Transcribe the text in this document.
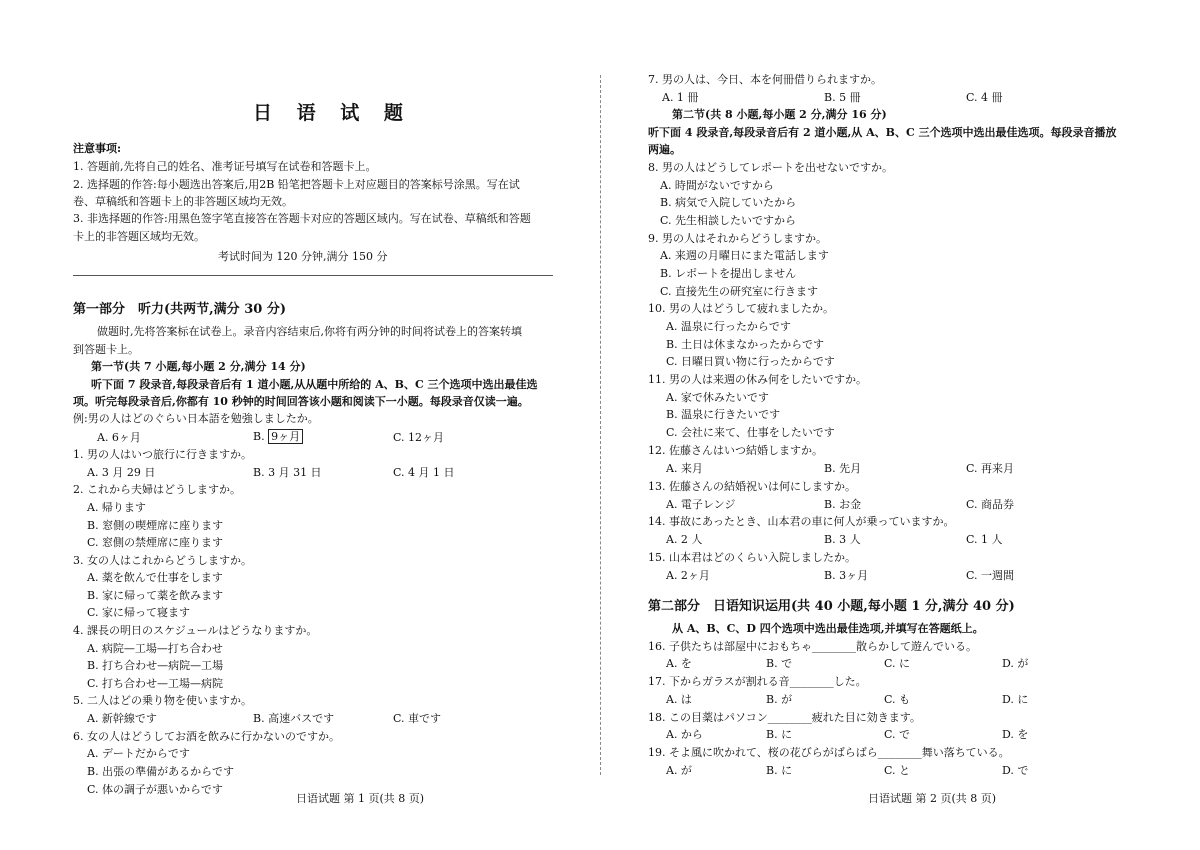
日 语 试 题
注意事项:
1. 答题前,先将自己的姓名、准考证号填写在试卷和答题卡上。
2. 选择题的作答:每小题选出答案后,用2B 铅笔把答题卡上对应题目的答案标号涂黑。写在试
卷、草稿纸和答题卡上的非答题区域均无效。
3. 非选择题的作答:用黑色签字笔直接答在答题卡对应的答题区域内。写在试卷、草稿纸和答题
卡上的非答题区域均无效。
考试时间为 120 分钟,满分 150 分
第一部分　听力(共两节,满分 30 分)
做题时,先将答案标在试卷上。录音内容结束后,你将有两分钟的时间将试卷上的答案转填
到答题卡上。
第一节(共 7 小题,每小题 2 分,满分 14 分)
听下面 7 段录音,每段录音后有 1 道小题,从从题中所给的 A、B、C 三个选项中选出最佳选
项。听完每段录音后,你都有 10 秒钟的时间回答该小题和阅读下一小题。每段录音仅读一遍。
例:男の人はどのぐらい日本語を勉強しましたか。
A. 6ヶ月	B. 9ヶ月	C. 12ヶ月
1. 男の人はいつ旅行に行きますか。
A. 3 月 29 日	B. 3 月 31 日	C. 4 月 1 日
2. これから夫婦はどうしますか。
A. 帰ります
B. 窓側の喫煙席に座ります
C. 窓側の禁煙席に座ります
3. 女の人はこれからどうしますか。
A. 薬を飲んで仕事をします
B. 家に帰って薬を飲みます
C. 家に帰って寝ます
4. 課長の明日のスケジュールはどうなりますか。
A. 病院—工場—打ち合わせ
B. 打ち合わせ—病院—工場
C. 打ち合わせ—工場—病院
5. 二人はどの乗り物を使いますか。
A. 新幹線です	B. 高速バスです	C. 車です
6. 女の人はどうしてお酒を飲みに行かないのですか。
A. デートだからです
B. 出張の準備があるからです
C. 体の調子が悪いからです
日语试题 第 1 页(共 8 页)
7. 男の人は、今日、本を何冊借りられますか。
A. 1 冊	B. 5 冊	C. 4 冊
第二节(共 8 小题,每小题 2 分,满分 16 分)
听下面 4 段录音,每段录音后有 2 道小题,从 A、B、C 三个选项中选出最佳选项。每段录音播放
两遍。
8. 男の人はどうしてレポートを出せないですか。
A. 時間がないですから
B. 病気で入院していたから
C. 先生相談したいですから
9. 男の人はそれからどうしますか。
A. 来週の月曜日にまた電話します
B. レポートを提出しません
C. 直接先生の研究室に行きます
10. 男の人はどうして疲れましたか。
A. 温泉に行ったからです
B. 土日は休まなかったからです
C. 日曜日買い物に行ったからです
11. 男の人は来週の休み何をしたいですか。
A. 家で休みたいです
B. 温泉に行きたいです
C. 会社に来て、仕事をしたいです
12. 佐藤さんはいつ結婚しますか。
A. 来月	B. 先月	C. 再来月
13. 佐藤さんの結婚祝いは何にしますか。
A. 電子レンジ	B. お金	C. 商品券
14. 事故にあったとき、山本君の車に何人が乗っていますか。
A. 2 人	B. 3 人	C. 1 人
15. 山本君はどのくらい入院しましたか。
A. 2ヶ月	B. 3ヶ月	C. 一週間
第二部分　日语知识运用(共 40 小题,每小题 1 分,满分 40 分)
从 A、B、C、D 四个选项中选出最佳选项,并填写在答题纸上。
16. 子供たちは部屋中におもちゃ________散らかして遊んでいる。
A. を	B. で	C. に	D. が
17. 下からガラスが割れる音________した。
A. は	B. が	C. も	D. に
18. この目薬はパソコン________疲れた目に効きます。
A. から	B. に	C. で	D. を
19. そよ風に吹かれて、桜の花びらがばらばら________舞い落ちている。
A. が	B. に	C. と	D. で
日语试题 第 2 页(共 8 页)
